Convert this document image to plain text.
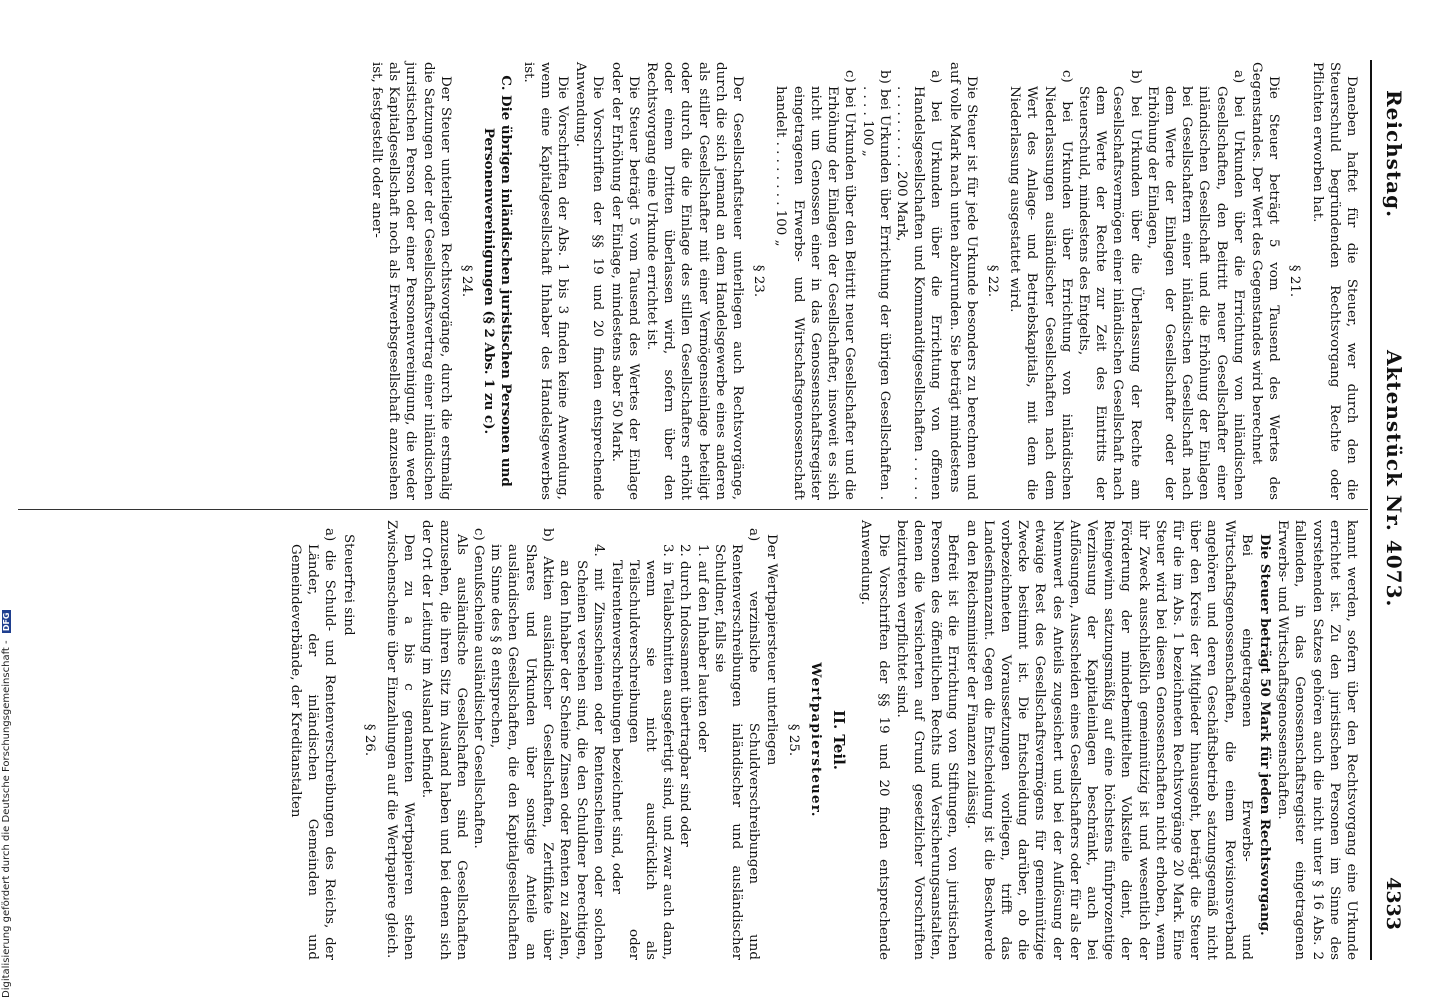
Reichstag.
Aktenstück Nr. 4073.
4333

Daneben haftet für die Steuer, wer durch den die Steuerschuld begründenden Rechtsvorgang Rechte oder Pflichten erworben hat.

§ 21.

Die Steuer beträgt 5 vom Tausend des Wertes des Gegenstandes. Der Wert des Gegenstandes wird berechnet

a) bei Urkunden über die Errichtung von inländischen Gesellschaften, den Beitritt neuer Gesellschafter einer inländischen Gesellschaft und die Erhöhung der Einlagen bei Gesellschaftern einer inländischen Gesellschaft nach dem Werte der Einlagen der Gesellschafter oder der Erhöhung der Einlagen,

b) bei Urkunden über die Überlassung der Rechte am Gesellschaftsvermögen einer inländischen Gesellschaft nach dem Werte der Rechte zur Zeit des Eintritts der Steuerschuld, mindestens des Entgelts,

c) bei Urkunden über Errichtung von inländischen Niederlassungen ausländischer Gesellschaften nach dem Wert des Anlage- und Betriebskapitals, mit dem die Niederlassung ausgestattet wird.

§ 22.

Die Steuer ist für jede Urkunde besonders zu berechnen und auf volle Mark nach unten abzurunden. Sie beträgt mindestens

a) bei Urkunden über die Errichtung von offenen Handelsgesellschaften und Kommanditgesellschaften . . . . . . . . . . . . . . . 200 Mark,

b) bei Urkunden über Errichtung der übrigen Gesellschaften . . . . . 100 „

c) bei Urkunden über den Beitritt neuer Gesellschafter und die Erhöhung der Einlagen der Gesellschafter, insoweit es sich nicht um Genossen einer in das Genossenschaftsregister eingetragenen Erwerbs- und Wirtschaftsgenossenschaft handelt . . . . . . . . 100 „

§ 23.

Der Gesellschaftsteuer unterliegen auch Rechtsvorgänge, durch die sich jemand an dem Handelsgewerbe eines anderen als stiller Gesellschafter mit einer Vermögenseinlage beteiligt oder durch die die Einlage des stillen Gesellschafters erhöht oder einem Dritten überlassen wird, sofern über den Rechtsvorgang eine Urkunde errichtet ist.

Die Steuer beträgt 5 vom Tausend des Wertes der Einlage oder der Erhöhung der Einlage, mindestens aber 50 Mark.

Die Vorschriften der §§ 19 und 20 finden entsprechende Anwendung.

Die Vorschriften der Abs. 1 bis 3 finden keine Anwendung, wenn eine Kapitalgesellschaft Inhaber des Handelsgewerbes ist.

C. Die übrigen inländischen juristischen Personen und Personenvereinigungen (§ 2 Abs. 1 zu c).

§ 24.

Der Steuer unterliegen Rechtsvorgänge, durch die erstmalig die Satzungen oder der Gesellschaftsvertrag einer inländischen juristischen Person oder einer Personenvereinigung, die weder als Kapitalgesellschaft noch als Erwerbsgesellschaft anzusehen ist, festgestellt oder aner-

kannt werden, sofern über den Rechtsvorgang eine Urkunde errichtet ist. Zu den juristischen Personen im Sinne des vorstehenden Satzes gehören auch die nicht unter § 16 Abs. 2 fallenden, in das Genossenschaftsregister eingetragenen Erwerbs- und Wirtschaftsgenossenschaften.

Die Steuer beträgt 50 Mark für jeden Rechtsvorgang.

Bei eingetragenen Erwerbs- und Wirtschaftsgenossenschaften, die einem Revisionsverband angehören und deren Geschäftsbetrieb satzungsgemäß nicht über den Kreis der Mitglieder hinausgeht, beträgt die Steuer für die im Abs. 1 bezeichneten Rechtsvorgänge 20 Mark. Eine Steuer wird bei diesen Genossenschaften nicht erhoben, wenn ihr Zweck ausschließlich gemeinnützig ist und wesentlich der Förderung der minderbemittelten Volksteile dient, der Reingewinn satzungsmäßig auf eine höchstens fünfprozentige Verzinsung der Kapitaleinlagen beschränkt, auch bei Auflösungen, Ausscheiden eines Gesellschafters oder für als der Nennwert des Anteils zugesichert und bei der Auflösung der etwaige Rest des Gesellschaftsvermögens für gemeinnützige Zwecke bestimmt ist. Die Entscheidung darüber, ob die vorbezeichneten Voraussetzungen vorliegen, trifft das Landesfinanzamt. Gegen die Entscheidung ist die Beschwerde an den Reichsminister der Finanzen zulässig.

Befreit ist die Errichtung von Stiftungen, von juristischen Personen des öffentlichen Rechts und Versicherungsanstalten, denen die Versicherten auf Grund gesetzlicher Vorschriften beizutreten verpflichtet sind.

Die Vorschriften der §§ 19 und 20 finden entsprechende Anwendung.

II. Teil.

Wertpapiersteuer.

§ 25.

Der Wertpapiersteuer unterliegen

a) verzinsliche Schuldverschreibungen und Rentenverschreibungen inländischer und ausländischer Schuldner, falls sie

1. auf den Inhaber lauten oder

2. durch Indossament übertragbar sind oder

3. in Teilabschnitten ausgefertigt sind, und zwar auch dann, wenn sie nicht ausdrücklich als Teilschuldverschreibungen oder Teilrentenverschreibungen bezeichnet sind, oder

4. mit Zinsscheinen oder Rentenscheinen oder solchen Scheinen versehen sind, die den Schuldner berechtigen, an den Inhaber der Scheine Zinsen oder Renten zu zahlen,

b) Aktien ausländischer Gesellschaften, Zertifikate über Shares und Urkunden über sonstige Anteile an ausländischen Gesellschaften, die den Kapitalgesellschaften im Sinne des § 8 entsprechen,

c) Genußscheine ausländischer Gesellschaften.

Als ausländische Gesellschaften sind Gesellschaften anzusehen, die ihren Sitz im Ausland haben und bei denen sich der Ort der Leitung im Ausland befindet.

Den zu a bis c genannten Wertpapieren stehen Zwischenscheine über Einzahlungen auf die Wertpapiere gleich.

§ 26.

Steuerfrei sind

a) die Schuld- und Rentenverschreibungen des Reichs, der Länder, der inländischen Gemeinden und Gemeindeverbände, der Kreditanstalten

Digitalisierung gefördert durch die Deutsche Forschungsgemeinschaft - DFG
